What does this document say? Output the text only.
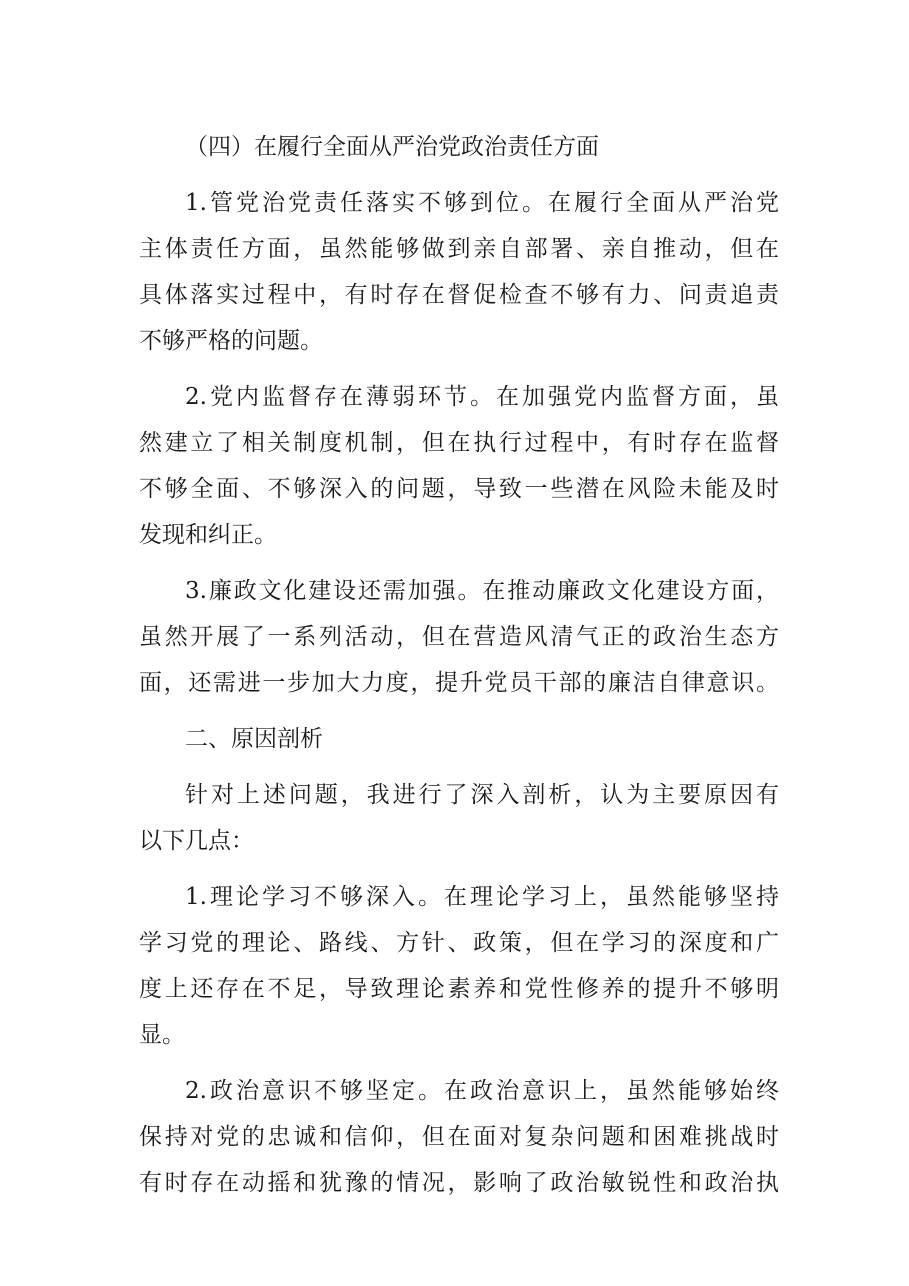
（四）在履行全面从严治党政治责任方面
1.管党治党责任落实不够到位。在履行全面从严治党
主体责任方面，虽然能够做到亲自部署、亲自推动，但在
具体落实过程中，有时存在督促检查不够有力、问责追责
不够严格的问题。
2.党内监督存在薄弱环节。在加强党内监督方面，虽
然建立了相关制度机制，但在执行过程中，有时存在监督
不够全面、不够深入的问题，导致一些潜在风险未能及时
发现和纠正。
3.廉政文化建设还需加强。在推动廉政文化建设方面，
虽然开展了一系列活动，但在营造风清气正的政治生态方
面，还需进一步加大力度，提升党员干部的廉洁自律意识。
二、原因剖析
针对上述问题，我进行了深入剖析，认为主要原因有
以下几点：
1.理论学习不够深入。在理论学习上，虽然能够坚持
学习党的理论、路线、方针、政策，但在学习的深度和广
度上还存在不足，导致理论素养和党性修养的提升不够明
显。
2.政治意识不够坚定。在政治意识上，虽然能够始终
保持对党的忠诚和信仰，但在面对复杂问题和困难挑战时
有时存在动摇和犹豫的情况，影响了政治敏锐性和政治执
